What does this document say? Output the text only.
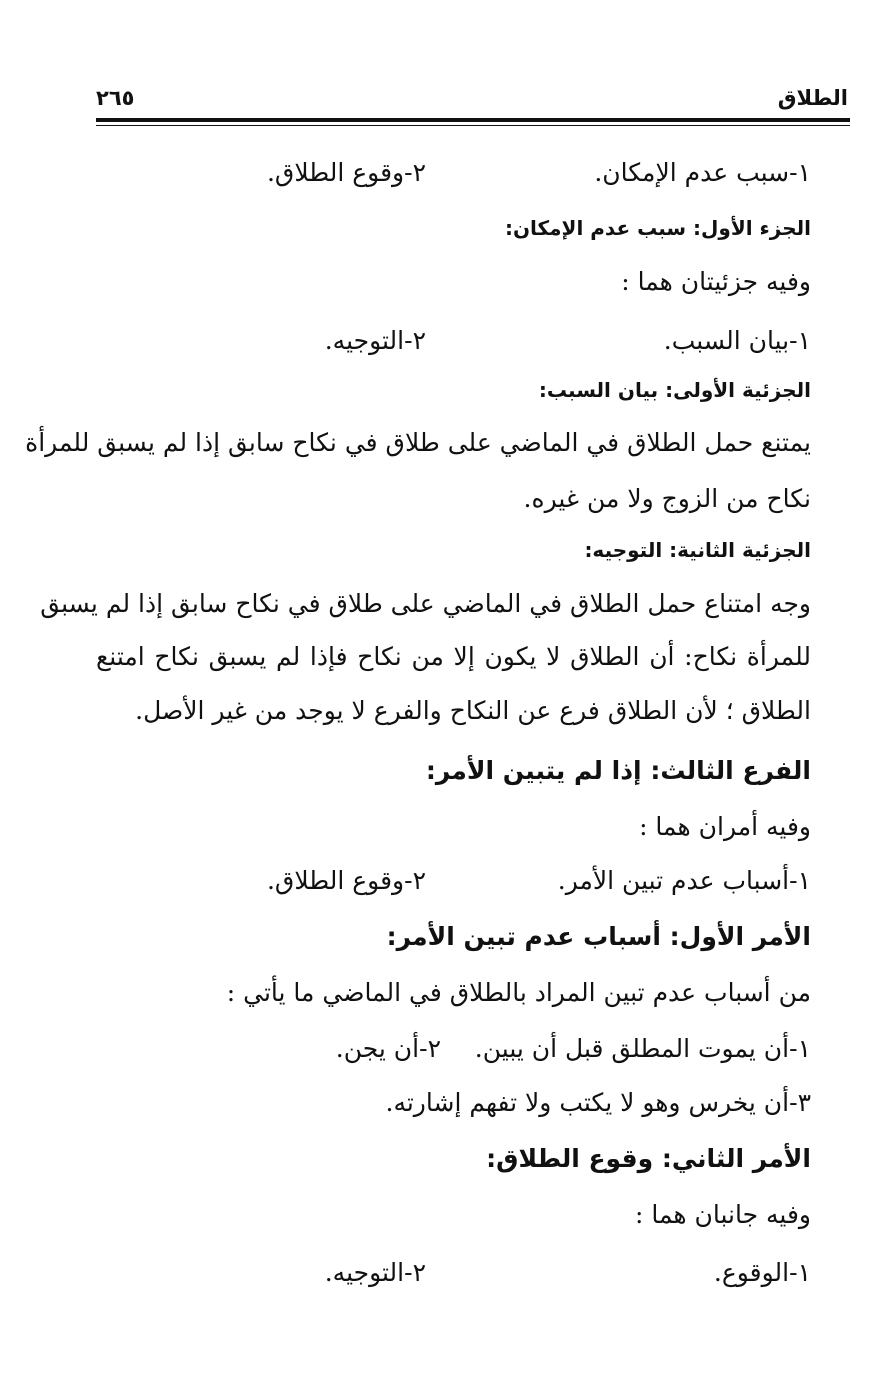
الطلاق
٢٦٥
١-سبب عدم الإمكان.
٢-وقوع الطلاق.
الجزء الأول: سبب عدم الإمكان:
وفيه جزئيتان هما :
١-بيان السبب.
٢-التوجيه.
الجزئية الأولى: بيان السبب:
يمتنع حمل الطلاق في الماضي على طلاق في نكاح سابق إذا لم يسبق للمرأة
نكاح من الزوج ولا من غيره.
الجزئية الثانية: التوجيه:
وجه امتناع حمل الطلاق في الماضي على طلاق في نكاح سابق إذا لم يسبق
للمرأة نكاح: أن الطلاق لا يكون إلا من نكاح فإذا لم يسبق نكاح امتنع
الطلاق ؛ لأن الطلاق فرع عن النكاح والفرع لا يوجد من غير الأصل.
الفرع الثالث: إذا لم يتبين الأمر:
وفيه أمران هما :
١-أسباب عدم تبين الأمر.
٢-وقوع الطلاق.
الأمر الأول: أسباب عدم تبين الأمر:
من أسباب عدم تبين المراد بالطلاق في الماضي ما يأتي :
١-أن يموت المطلق قبل أن يبين.
٢-أن يجن.
٣-أن يخرس وهو لا يكتب ولا تفهم إشارته.
الأمر الثاني: وقوع الطلاق:
وفيه جانبان هما :
١-الوقوع.
٢-التوجيه.
